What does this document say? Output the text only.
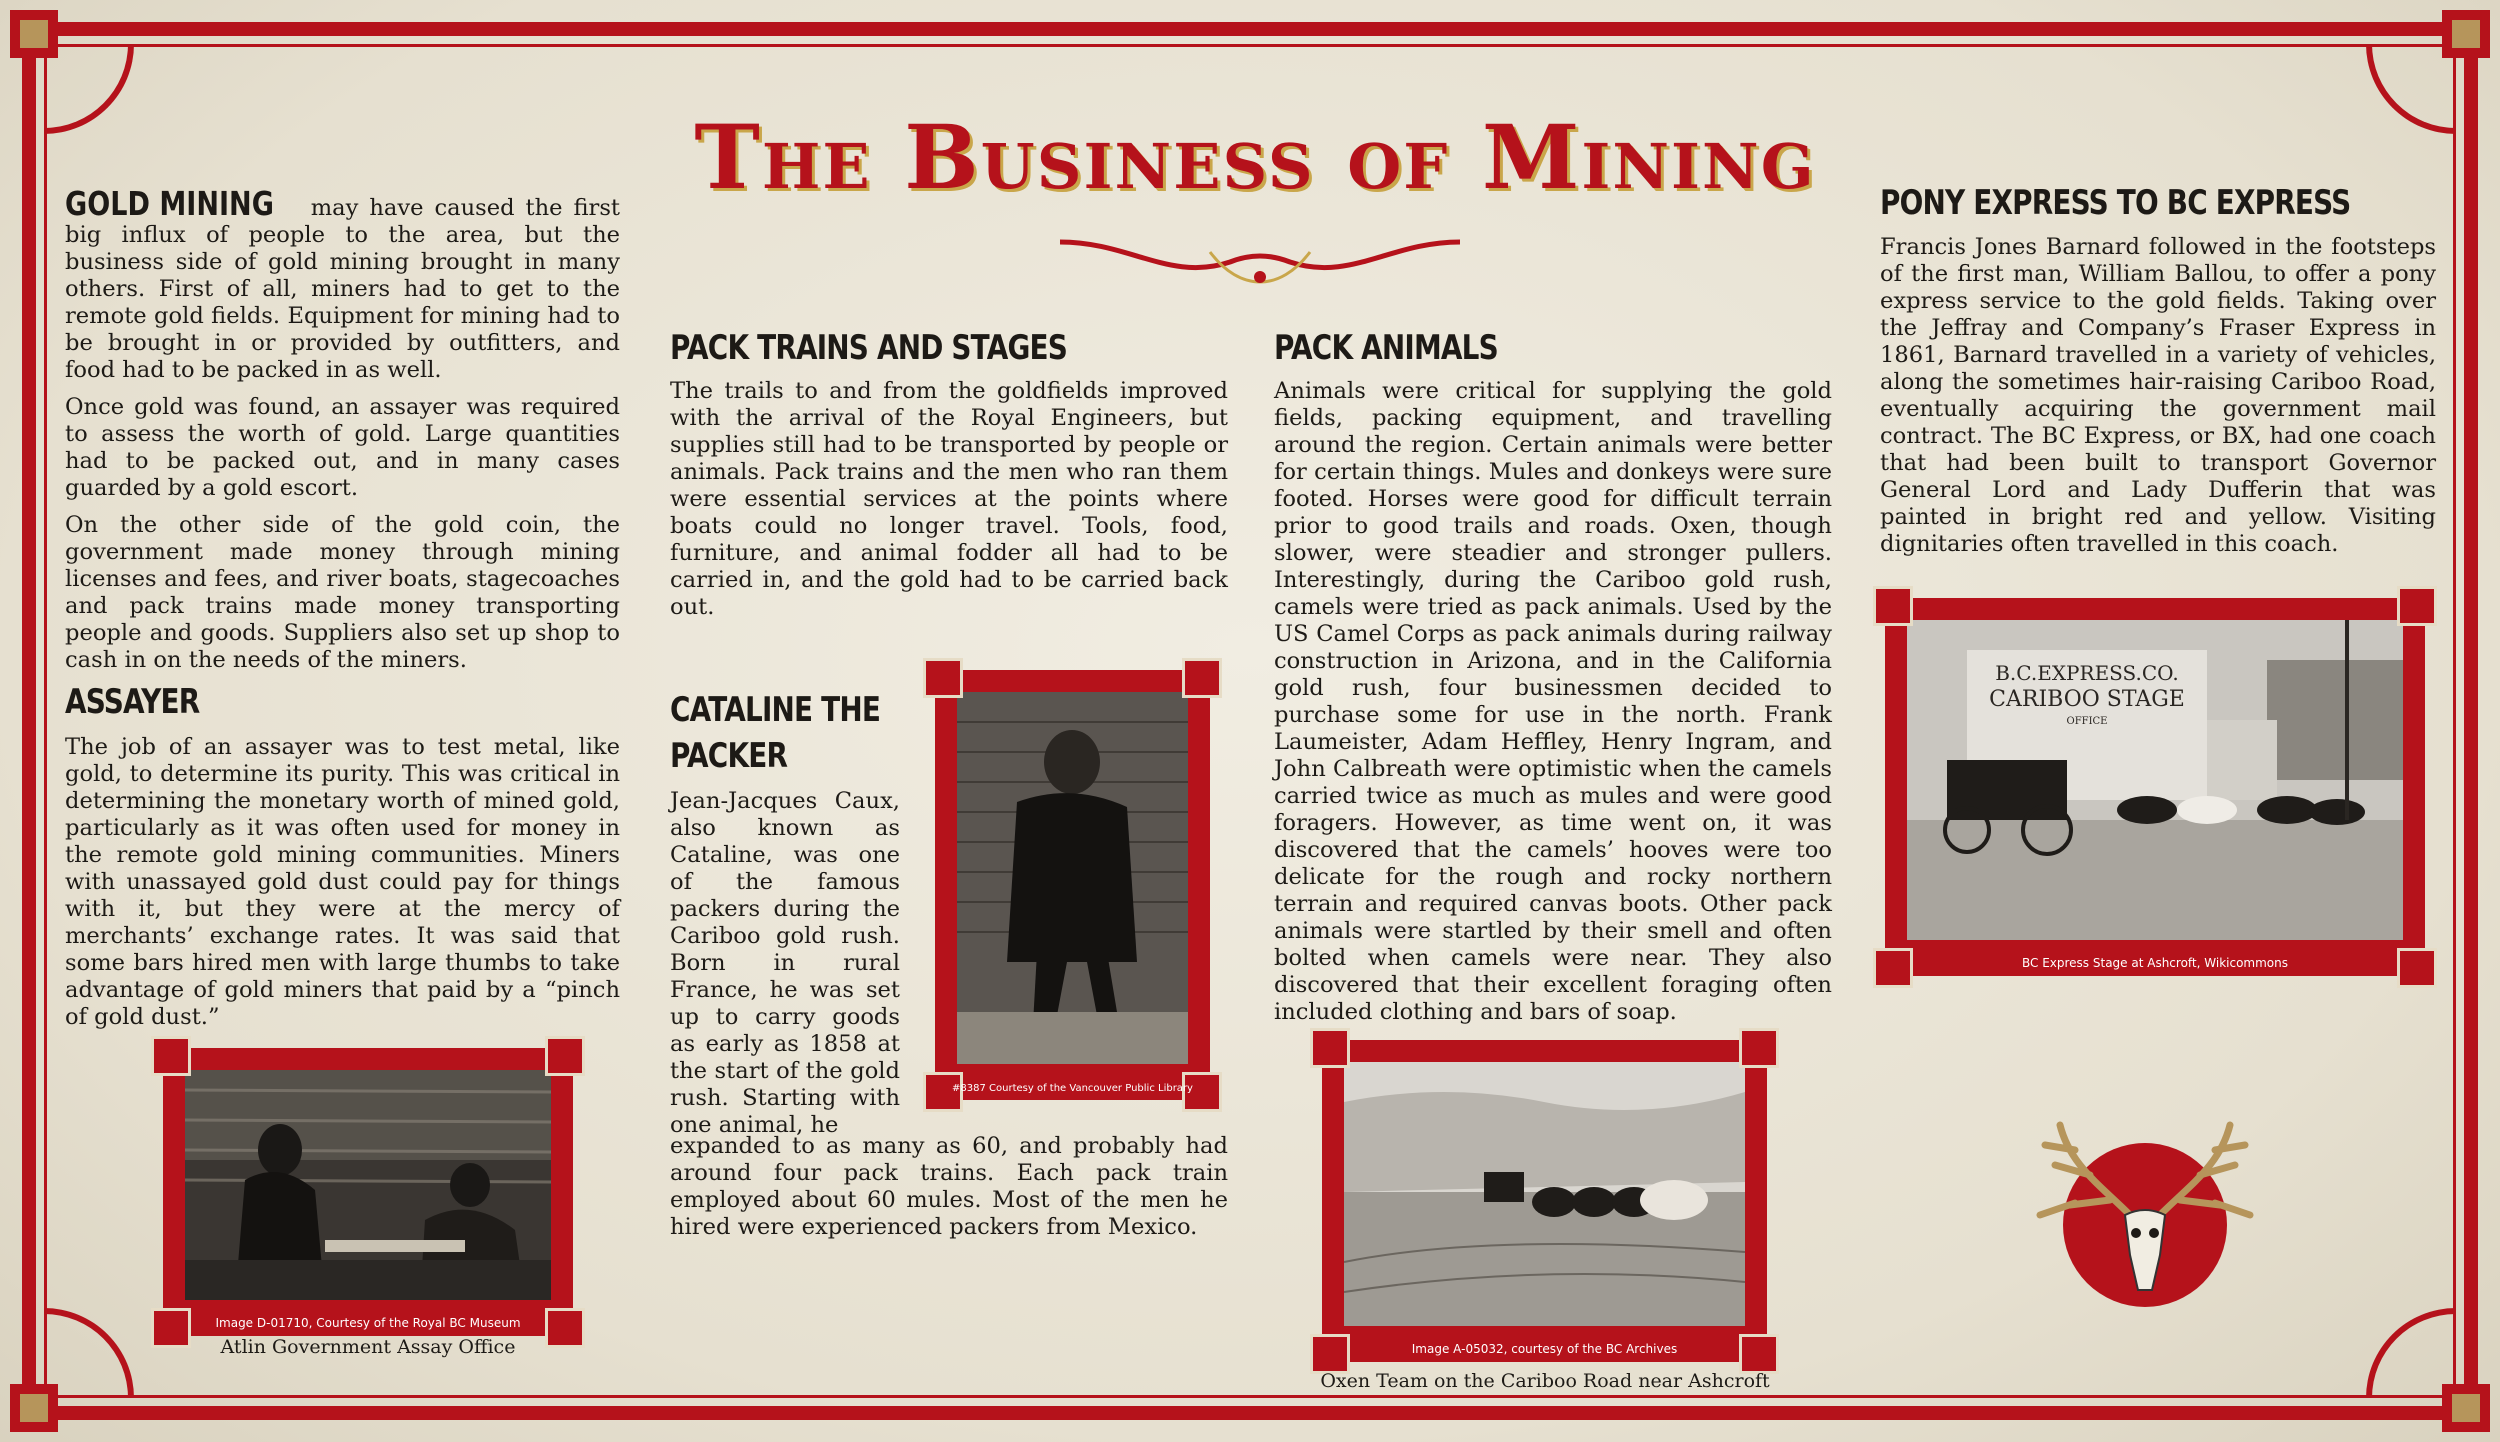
The Business of Mining

GOLD MINING may have caused the first big influx of people to the area, but the business side of gold mining brought in many others. First of all, miners had to get to the remote gold fields. Equipment for mining had to be brought in or provided by outfitters, and food had to be packed in as well.

Once gold was found, an assayer was required to assess the worth of gold. Large quantities had to be packed out, and in many cases guarded by a gold escort.

On the other side of the gold coin, the government made money through mining licenses and fees, and river boats, stagecoaches and pack trains made money transporting people and goods. Suppliers also set up shop to cash in on the needs of the miners.

ASSAYER
The job of an assayer was to test metal, like gold, to determine its purity. This was critical in determining the monetary worth of mined gold, particularly as it was often used for money in the remote gold mining communities. Miners with unassayed gold dust could pay for things with it, but they were at the mercy of merchants’ exchange rates. It was said that some bars hired men with large thumbs to take advantage of gold miners that paid by a “pinch of gold dust.”
Image D-01710, Courtesy of the Royal BC Museum
Atlin Government Assay Office
PACK TRAINS AND STAGES
The trails to and from the goldfields improved with the arrival of the Royal Engineers, but supplies still had to be transported by people or animals. Pack trains and the men who ran them were essential services at the points where boats could no longer travel. Tools, food, furniture, and animal fodder all had to be carried in, and the gold had to be carried back out.
CATALINE THE
PACKER
Jean-Jacques Caux, also known as Cataline, was one of the famous packers during the Cariboo gold rush. Born in rural France, he was set up to carry goods as early as 1858 at the start of the gold rush. Starting with one animal, he
expanded to as many as 60, and probably had around four pack trains. Each pack train employed about 60 mules. Most of the men he hired were experienced packers from Mexico.
#8387 Courtesy of the Vancouver Public Library
PACK ANIMALS
Animals were critical for supplying the gold fields, packing equipment, and travelling around the region. Certain animals were better for certain things. Mules and donkeys were sure footed. Horses were good for difficult terrain prior to good trails and roads. Oxen, though slower, were steadier and stronger pullers. Interestingly, during the Cariboo gold rush, camels were tried as pack animals. Used by the US Camel Corps as pack animals during railway construction in Arizona, and in the California gold rush, four businessmen decided to purchase some for use in the north. Frank Laumeister, Adam Heffley, Henry Ingram, and John Calbreath were optimistic when the camels carried twice as much as mules and were good foragers. However, as time went on, it was discovered that the camels’ hooves were too delicate for the rough and rocky northern terrain and required canvas boots. Other pack animals were startled by their smell and often bolted when camels were near. They also discovered that their excellent foraging often included clothing and bars of soap.
Image A-05032, courtesy of the BC Archives
Oxen Team on the Cariboo Road near Ashcroft
PONY EXPRESS TO BC EXPRESS
Francis Jones Barnard followed in the footsteps of the first man, William Ballou, to offer a pony express service to the gold fields. Taking over the Jeffray and Company’s Fraser Express in 1861, Barnard travelled in a variety of vehicles, along the sometimes hair-raising Cariboo Road, eventually acquiring the government mail contract. The BC Express, or BX, had one coach that had been built to transport Governor General Lord and Lady Dufferin that was painted in bright red and yellow. Visiting dignitaries often travelled in this coach.
B.C.EXPRESS.CO.
CARIBOO STAGE
OFFICE
BC Express Stage at Ashcroft, Wikicommons
